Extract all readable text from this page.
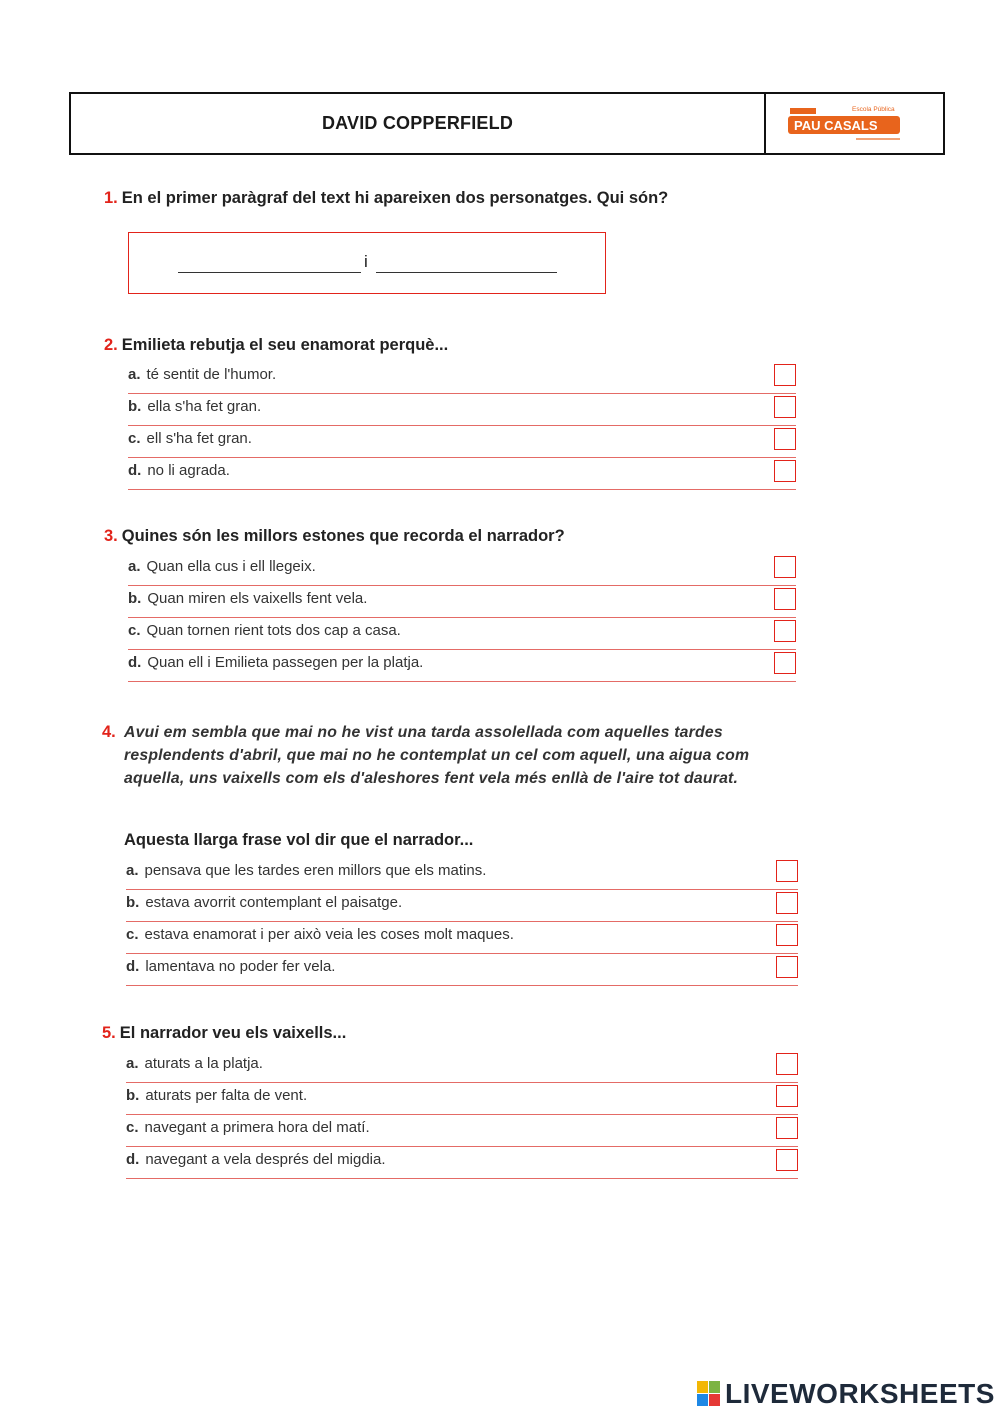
DAVID COPPERFIELD	PAU CASALS
Escola Pública
1. En el primer paràgraf del text hi apareixen dos personatges. Qui són?
i
2. Emilieta rebutja el seu enamorat perquè...
a. té sentit de l'humor.
b. ella s'ha fet gran.
c. ell s'ha fet gran.
d. no li agrada.
3. Quines són les millors estones que recorda el narrador?
a. Quan ella cus i ell llegeix.
b. Quan miren els vaixells fent vela.
c. Quan tornen rient tots dos cap a casa.
d. Quan ell i Emilieta passegen per la platja.
4. Avui em sembla que mai no he vist una tarda assolellada com aquelles tardes resplendents d'abril, que mai no he contemplat un cel com aquell, una aigua com aquella, uns vaixells com els d'aleshores fent vela més enllà de l'aire tot daurat.
Aquesta llarga frase vol dir que el narrador...
a. pensava que les tardes eren millors que els matins.
b. estava avorrit contemplant el paisatge.
c. estava enamorat i per això veia les coses molt maques.
d. lamentava no poder fer vela.
5. El narrador veu els vaixells...
a. aturats a la platja.
b. aturats per falta de vent.
c. navegant a primera hora del matí.
d. navegant a vela després del migdia.
LIVEWORKSHEETS
